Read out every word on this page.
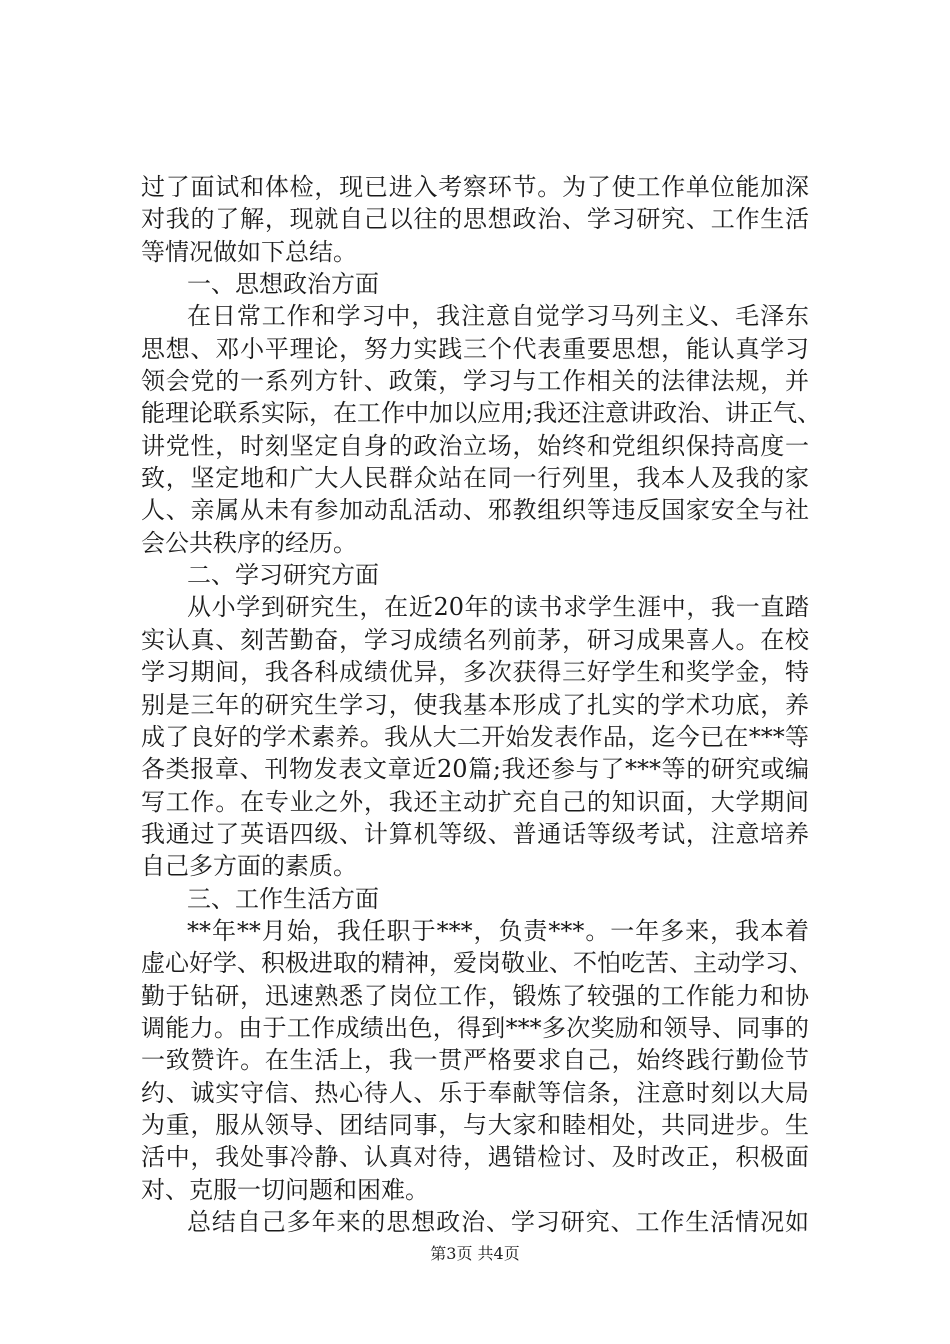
过了面试和体检，现已进入考察环节。为了使工作单位能加深
对我的了解，现就自己以往的思想政治、学习研究、工作生活
等情况做如下总结。
一、思想政治方面
在日常工作和学习中，我注意自觉学习马列主义、毛泽东
思想、邓小平理论，努力实践三个代表重要思想，能认真学习
领会党的一系列方针、政策，学习与工作相关的法律法规，并
能理论联系实际，在工作中加以应用;我还注意讲政治、讲正气、
讲党性，时刻坚定自身的政治立场，始终和党组织保持高度一
致，坚定地和广大人民群众站在同一行列里，我本人及我的家
人、亲属从未有参加动乱活动、邪教组织等违反国家安全与社
会公共秩序的经历。
二、学习研究方面
从小学到研究生，在近20年的读书求学生涯中，我一直踏
实认真、刻苦勤奋，学习成绩名列前茅，研习成果喜人。在校
学习期间，我各科成绩优异，多次获得三好学生和奖学金，特
别是三年的研究生学习，使我基本形成了扎实的学术功底，养
成了良好的学术素养。我从大二开始发表作品，迄今已在***等
各类报章、刊物发表文章近20篇;我还参与了***等的研究或编
写工作。在专业之外，我还主动扩充自己的知识面，大学期间
我通过了英语四级、计算机等级、普通话等级考试，注意培养
自己多方面的素质。
三、工作生活方面
**年**月始，我任职于***，负责***。一年多来，我本着
虚心好学、积极进取的精神，爱岗敬业、不怕吃苦、主动学习、
勤于钻研，迅速熟悉了岗位工作，锻炼了较强的工作能力和协
调能力。由于工作成绩出色，得到***多次奖励和领导、同事的
一致赞许。在生活上，我一贯严格要求自己，始终践行勤俭节
约、诚实守信、热心待人、乐于奉献等信条，注意时刻以大局
为重，服从领导、团结同事，与大家和睦相处，共同进步。生
活中，我处事冷静、认真对待，遇错检讨、及时改正，积极面
对、克服一切问题和困难。
总结自己多年来的思想政治、学习研究、工作生活情况如
第3页 共4页
